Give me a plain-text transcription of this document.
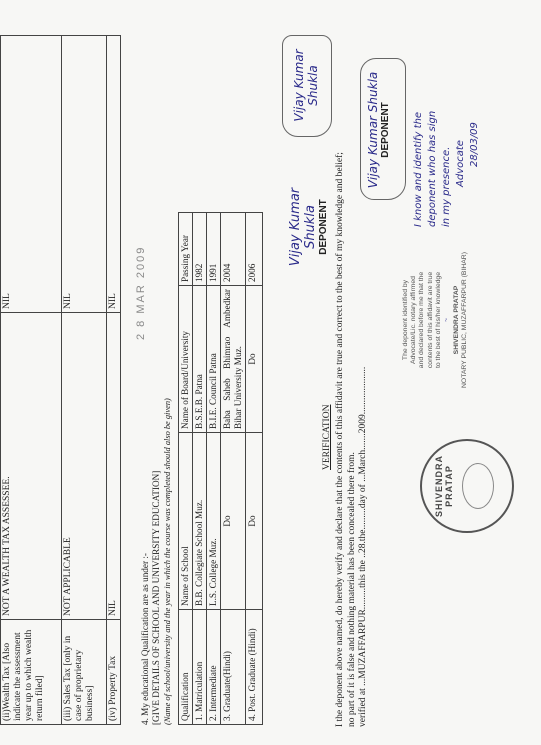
(ii)Wealth Tax [Also indicate the assessment year up to which wealth return filed]	NOT A WEALTH TAX ASSESSEE.	NIL
(iii) Sales Tax [only in case of proprietary business]	NOT APPLICABLE	NIL
(iv) Property Tax	NIL	NIL
4. My educational Qualification are as under :- [GIVE DETAILS OF SCHOOL AND UNIVERSITY EDUCATION] (Name of school/university and the year in which the course was completed should also be given) Qualification	Name of School	Name of Board/University	Passing Year
1. Matriculation	B.B. Collegiate School Muz.	B.S.E.B. Patna	1982
2. Intermediate	L.S. College Muz.	B.I.E. Council Patna	1991
3. Graduate(Hindi)	Do	Baba Saheb Bhimrao Ambedkar Bihar University Muz.	2004
4. Post. Graduate (Hindi)	Do	Do	2006
2 8 MAR 2009
VERIFICATION I the deponent above named, do hereby verify and declare that the contents of this affidavit are true and correct to the best of my knowledge and belief; no part of it is false and nothing material has been concealed there from. verified at ...MUZAFFARPUR.........this the ..28.the.........day of ...March.......2009....................
Vijay Kumar Shukla DEPONENT
Vijay Kumar Shukla	Vijay Kumar Shukla DEPONENT I know and identify the deponent who has sign in my presence. Advocate 28/03/09
The deponent identified by Advocate/Lic. notary affirmed and declared before me that the contents of this affidavit are true to the best of his/her knowledge ~ SHIVENDRA PRATAP NOTARY PUBLIC, MUZAFFARPUR (BIHAR)
SHIVENDRA PRATAP
